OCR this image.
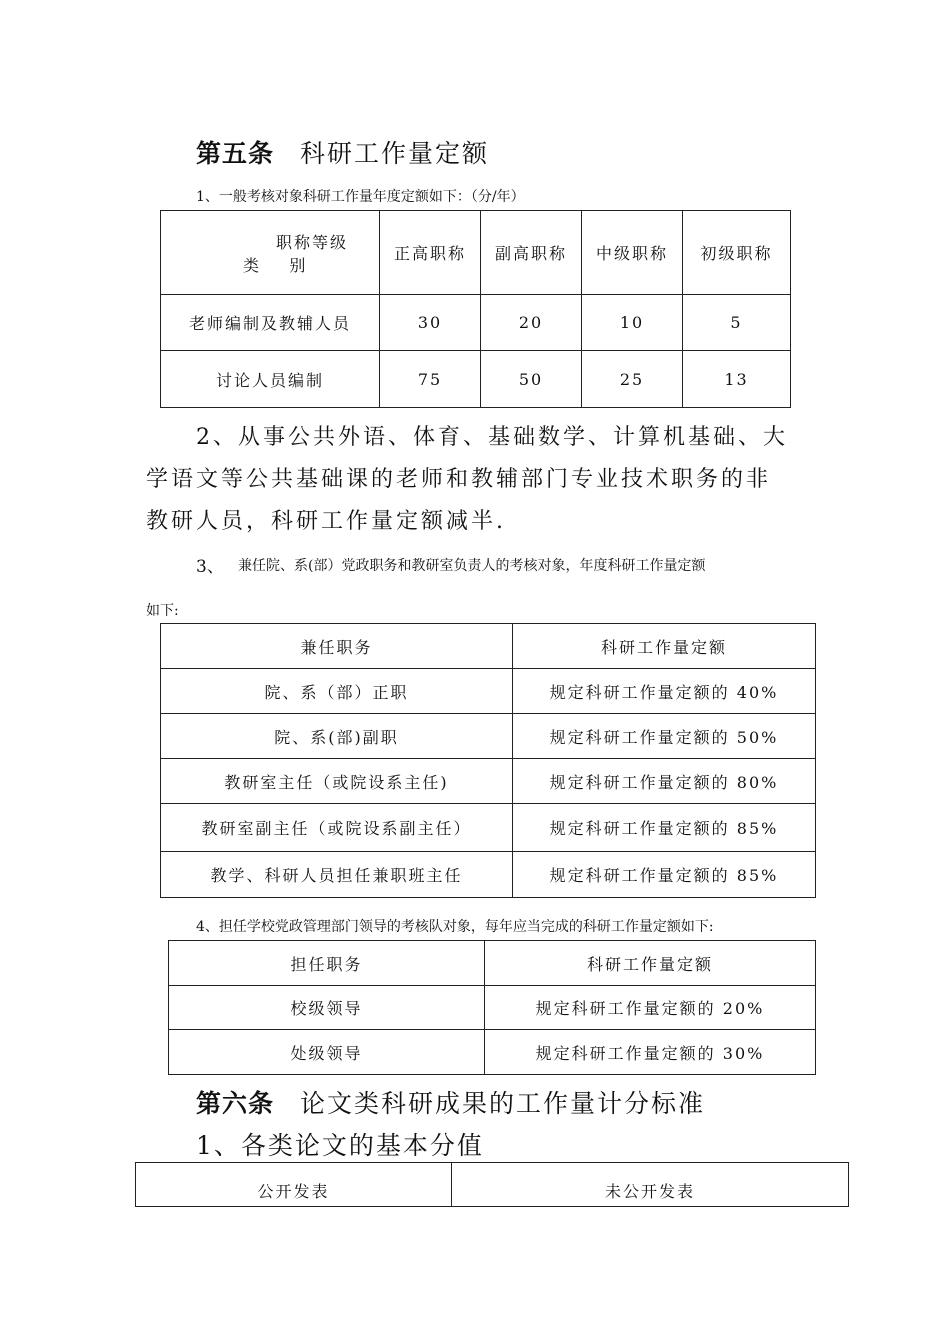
第五条 科研工作量定额
1、一般考核对象科研工作量年度定额如下：（分/年）
职称等级
类    别	正高职称	副高职称	中级职称	初级职称
老师编制及教辅人员	30	20	10	5
讨论人员编制	75	50	25	13
2、从事公共外语、体育、基础数学、计算机基础、大
学语文等公共基础课的老师和教辅部门专业技术职务的非
教研人员，科研工作量定额减半.
3、 兼任院、系(部）党政职务和教研室负责人的考核对象，年度科研工作量定额
如下:
兼任职务	科研工作量定额
院、系（部）正职	规定科研工作量定额的 40%
院、系(部)副职	规定科研工作量定额的 50%
教研室主任（或院设系主任)	规定科研工作量定额的 80%
教研室副主任（或院设系副主任）	规定科研工作量定额的 85%
教学、科研人员担任兼职班主任	规定科研工作量定额的 85%
4、担任学校党政管理部门领导的考核队对象，每年应当完成的科研工作量定额如下:
担任职务	科研工作量定额
校级领导	规定科研工作量定额的 20%
处级领导	规定科研工作量定额的 30%
第六条 论文类科研成果的工作量计分标准
1、各类论文的基本分值
公开发表	未公开发表
